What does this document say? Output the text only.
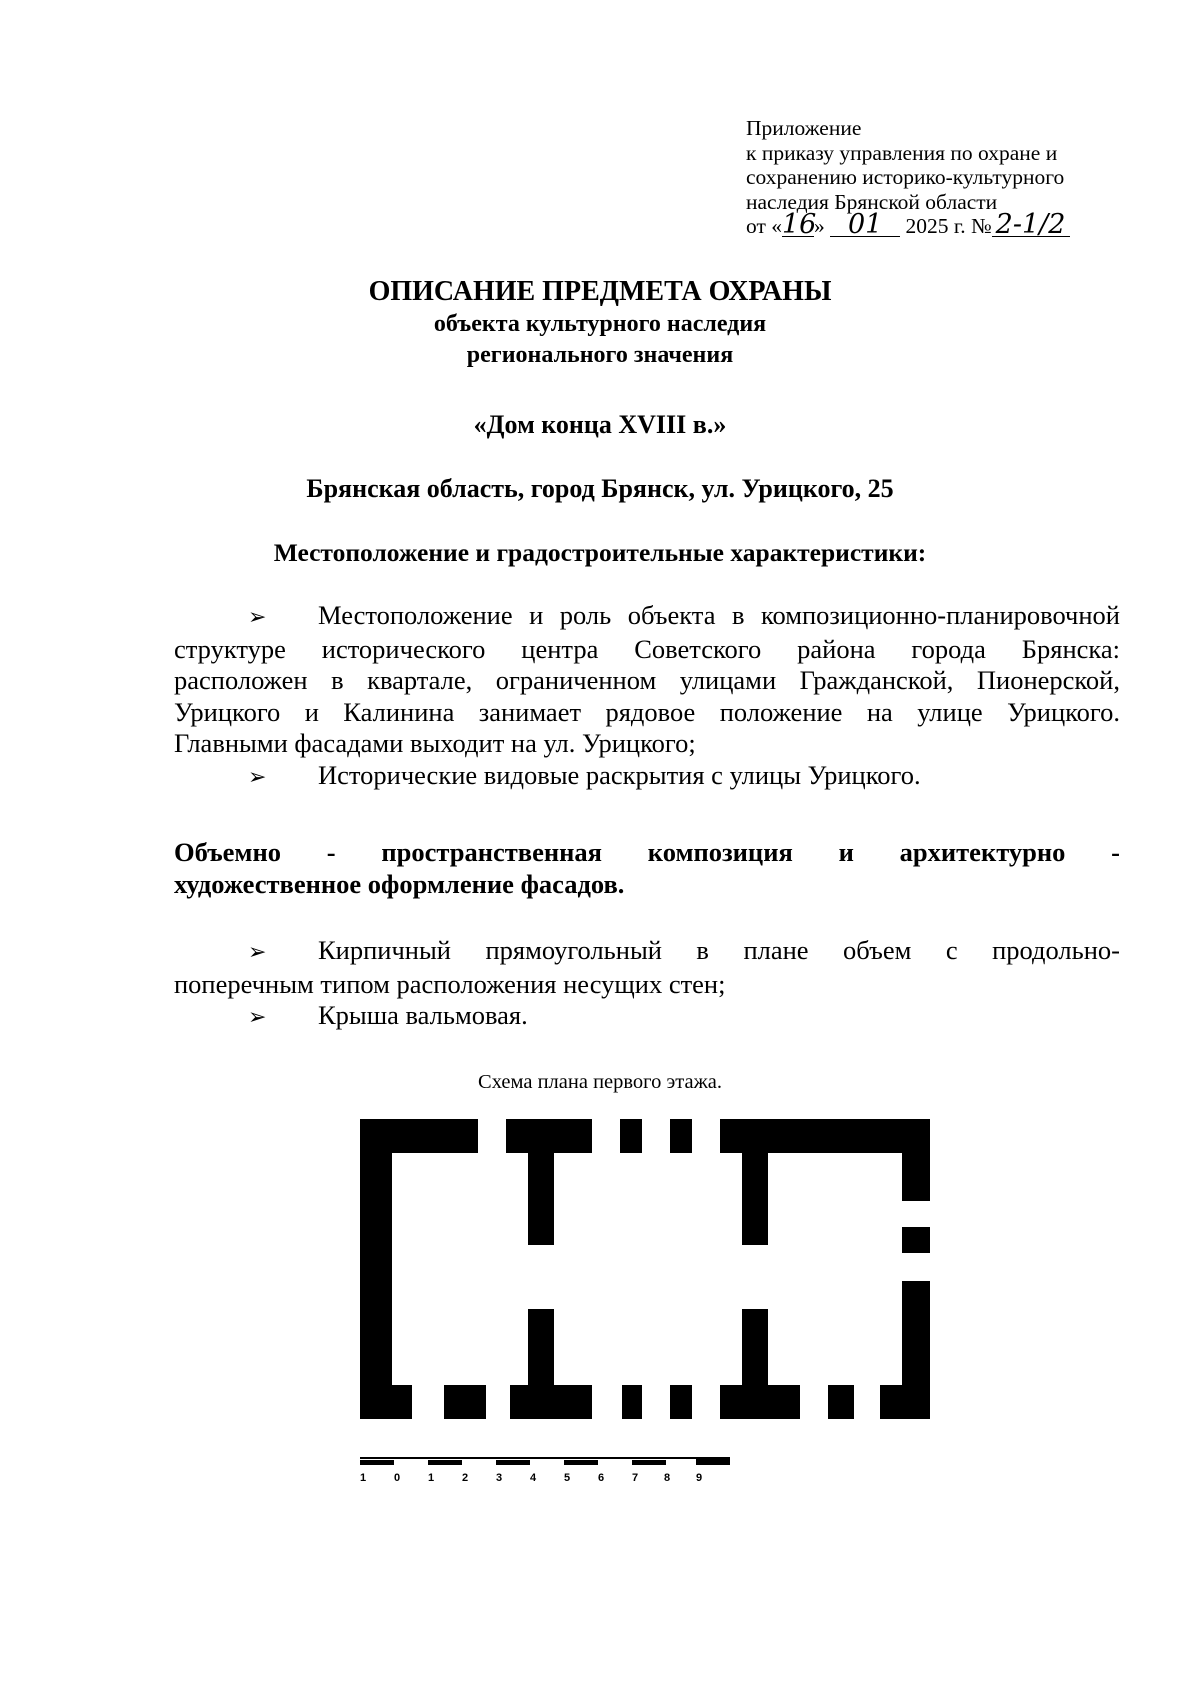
Приложение
к приказу управления по охране и
сохранению историко-культурного
наследия Брянской области
от «16» 01 2025 г. № 2-1/2
ОПИСАНИЕ ПРЕДМЕТА ОХРАНЫ
объекта культурного наследия
регионального значения
«Дом конца XVIII в.»
Брянская область, город Брянск, ул. Урицкого, 25
Местоположение и градостроительные характеристики:
➢	Местоположение и роль объекта в композиционно-планировочной
структуре исторического центра Советского района города Брянска:
расположен в квартале, ограниченном улицами Гражданской, Пионерской,
Урицкого и Калинина занимает рядовое положение на улице Урицкого.
Главными фасадами выходит на ул. Урицкого;
➢	Исторические видовые раскрытия с улицы Урицкого.
Объемно - пространственная композиция и архитектурно -
художественное оформление фасадов.
➢	Кирпичный прямоугольный в плане объем с продольно-
поперечным типом расположения несущих стен;
➢	Крыша вальмовая.
Схема плана первого этажа.
1	0	1	2	3	4	5	6	7 8 9
